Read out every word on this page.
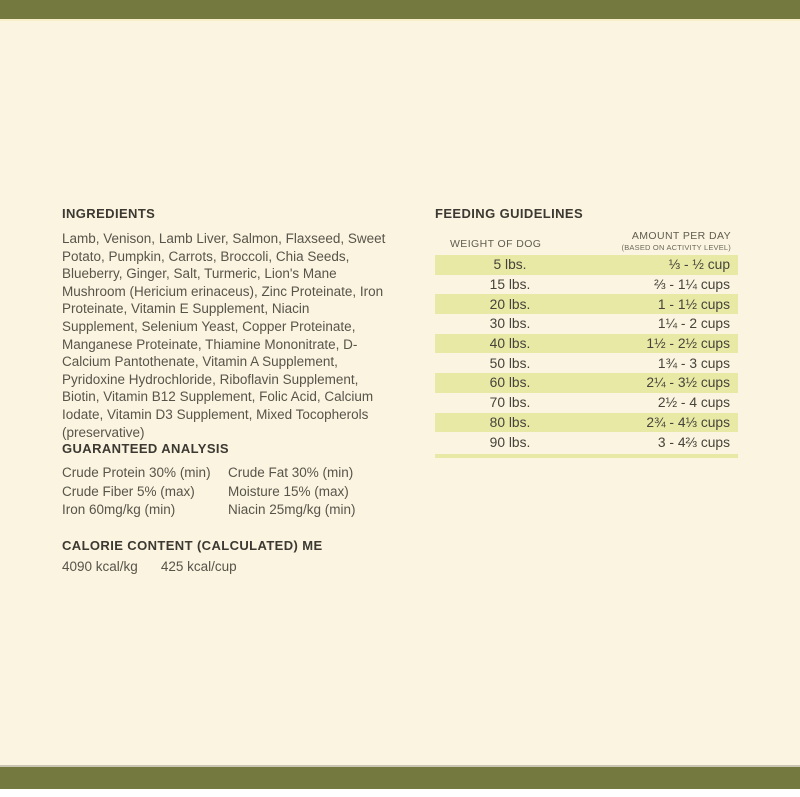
INGREDIENTS
Lamb, Venison, Lamb Liver, Salmon, Flaxseed, Sweet Potato, Pumpkin, Carrots, Broccoli, Chia Seeds, Blueberry, Ginger, Salt, Turmeric, Lion's Mane Mushroom (Hericium erinaceus), Zinc Proteinate, Iron Proteinate, Vitamin E Supplement, Niacin Supplement, Selenium Yeast, Copper Proteinate, Manganese Proteinate, Thiamine Mononitrate, D-Calcium Pantothenate, Vitamin A Supplement, Pyridoxine Hydrochloride, Riboflavin Supplement, Biotin, Vitamin B12 Supplement, Folic Acid, Calcium Iodate, Vitamin D3 Supplement, Mixed Tocopherols (preservative)
GUARANTEED ANALYSIS
Crude Protein 30% (min)	Crude Fat 30% (min)
Crude Fiber 5% (max)	Moisture 15% (max)
Iron 60mg/kg (min)	Niacin 25mg/kg (min)
CALORIE CONTENT (CALCULATED) ME
4090 kcal/kg 425 kcal/cup
FEEDING GUIDELINES
WEIGHT OF DOG
AMOUNT PER DAY
(BASED ON ACTIVITY LEVEL)
5 lbs.	⅓ - ½ cup
15 lbs.	⅔ - 1¼ cups
20 lbs.	1 - 1½ cups
30 lbs.	1¼ - 2 cups
40 lbs.	1½ - 2½ cups
50 lbs.	1¾ - 3 cups
60 lbs.	2¼ - 3½ cups
70 lbs.	2½ - 4 cups
80 lbs.	2¾ - 4⅓ cups
90 lbs.	3 - 4⅔ cups
